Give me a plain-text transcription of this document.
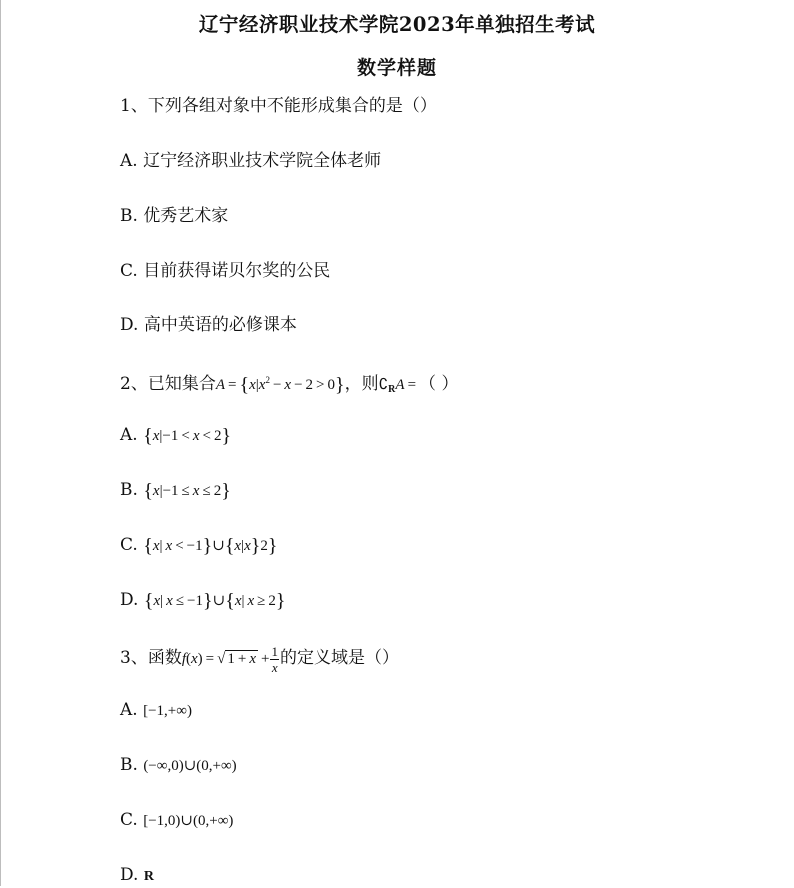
辽宁经济职业技术学院2023年单独招生考试
数学样题
1、下列各组对象中不能形成集合的是（）
A. 辽宁经济职业技术学院全体老师
B. 优秀艺术家
C. 目前获得诺贝尔奖的公民
D. 高中英语的必修课本
2、已知集合$A = \{x|x^2 - x - 2 > 0\}$，则$∁_RA$ = （ ）
A. {x|−1 < x < 2}
B. {x|−1 ≤ x ≤ 2}
C. {x| x < −1}∪{x|x}2}
D. {x| x ≤ −1}∪{x| x ≥ 2}
3、函数f(x) = √ $1 + x + \frac{1}{x}$ 的定义域是（）
A. [−1,+∞)
B. (−∞,0)∪(0,+∞)
C. [−1,0)∪(0,+∞)
D. R
